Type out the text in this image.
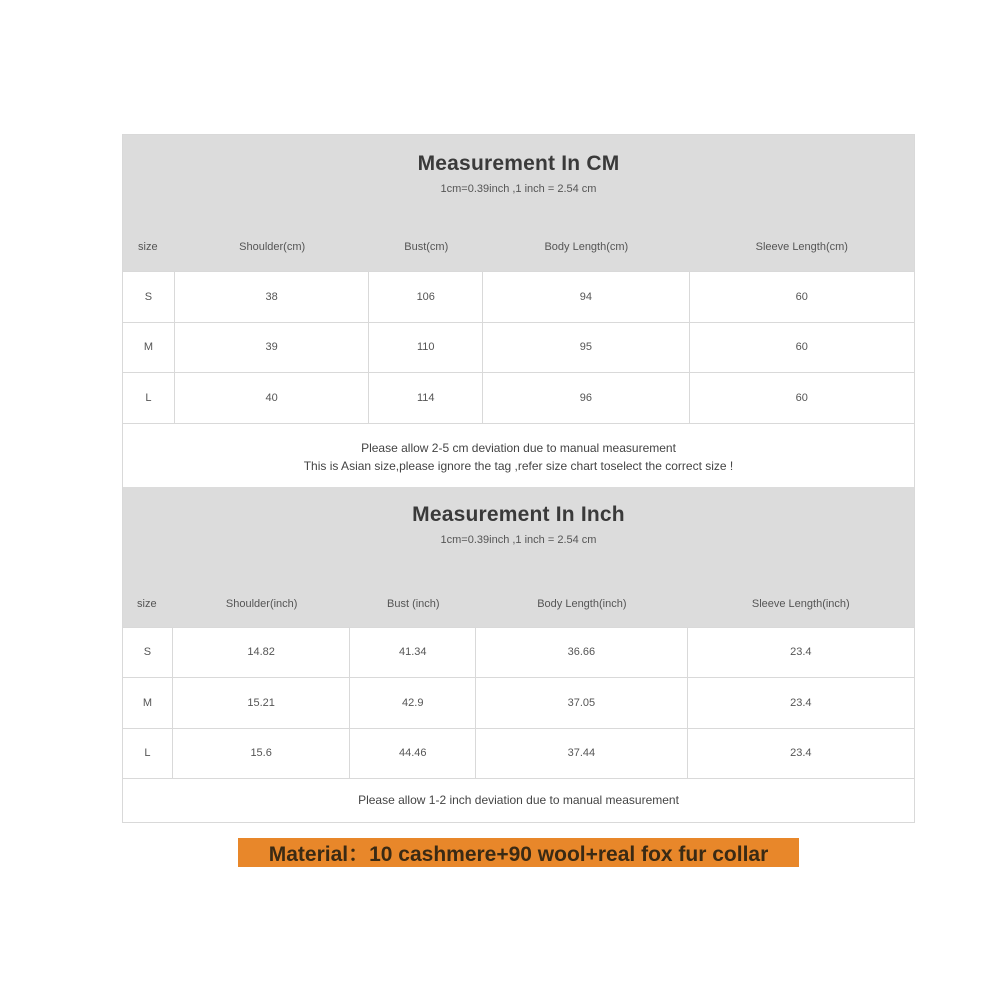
Measurement In CM
1cm=0.39inch ,1 inch = 2.54 cm
size	Shoulder(cm)	Bust(cm)	Body Length(cm)	Sleeve Length(cm)
S	38	106	94	60
M	39	110	95	60
L	40	114	96	60
Please allow 2-5 cm deviation due to manual measurement
This is Asian size,please ignore the tag ,refer size chart toselect the correct size !
Measurement In Inch
1cm=0.39inch ,1 inch = 2.54 cm
size	Shoulder(inch)	Bust (inch)	Body Length(inch)	Sleeve Length(inch)
S	14.82	41.34	36.66	23.4
M	15.21	42.9	37.05	23.4
L	15.6	44.46	37.44	23.4
Please allow 1-2 inch deviation due to manual measurement
Material：10 cashmere+90 wool+real fox fur collar
